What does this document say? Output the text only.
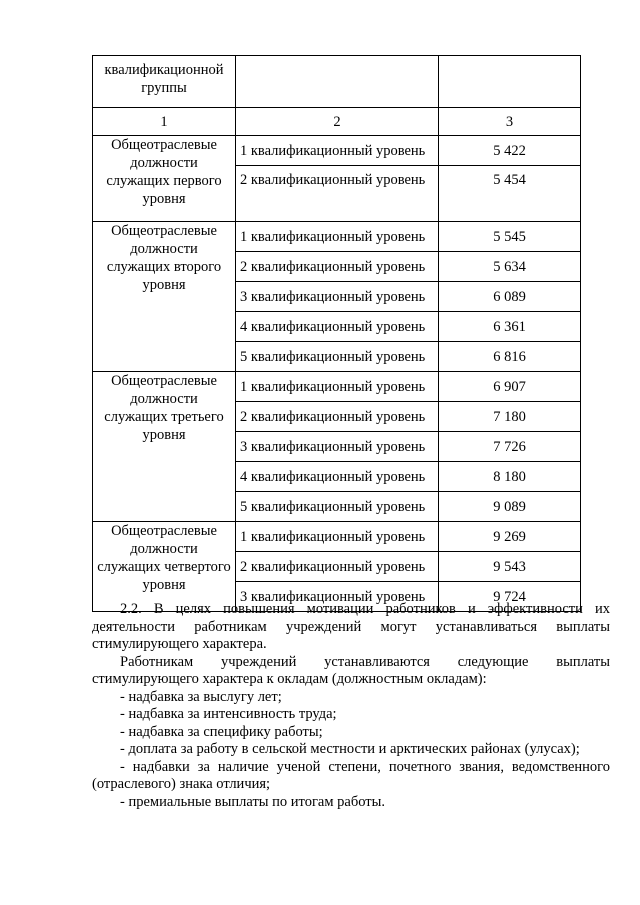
квалификационной группы		
1	2	3
Общеотраслевые должности служащих первого уровня	1 квалификационный уровень	5 422
	2 квалификационный уровень	5 454
Общеотраслевые должности служащих второго уровня	1 квалификационный уровень	5 545
	2 квалификационный уровень	5 634
	3 квалификационный уровень	6 089
	4 квалификационный уровень	6 361
	5 квалификационный уровень	6 816
Общеотраслевые должности служащих третьего уровня	1 квалификационный уровень	6 907
	2 квалификационный уровень	7 180
	3 квалификационный уровень	7 726
	4 квалификационный уровень	8 180
	5 квалификационный уровень	9 089
Общеотраслевые должности служащих четвертого уровня	1 квалификационный уровень	9 269
	2 квалификационный уровень	9 543
	3 квалификационный уровень	9 724

2.2. В целях повышения мотивации работников и эффективности их

деятельности работникам учреждений могут устанавливаться выплаты

стимулирующего характера.

Работникам учреждений устанавливаются следующие выплаты

стимулирующего характера к окладам (должностным окладам):

- надбавка за выслугу лет;

- надбавка за интенсивность труда;

- надбавка за специфику работы;

- доплата за работу в сельской местности и арктических районах (улусах);

- надбавки за наличие ученой степени, почетного звания, ведомственного

(отраслевого) знака отличия;

- премиальные выплаты по итогам работы.
